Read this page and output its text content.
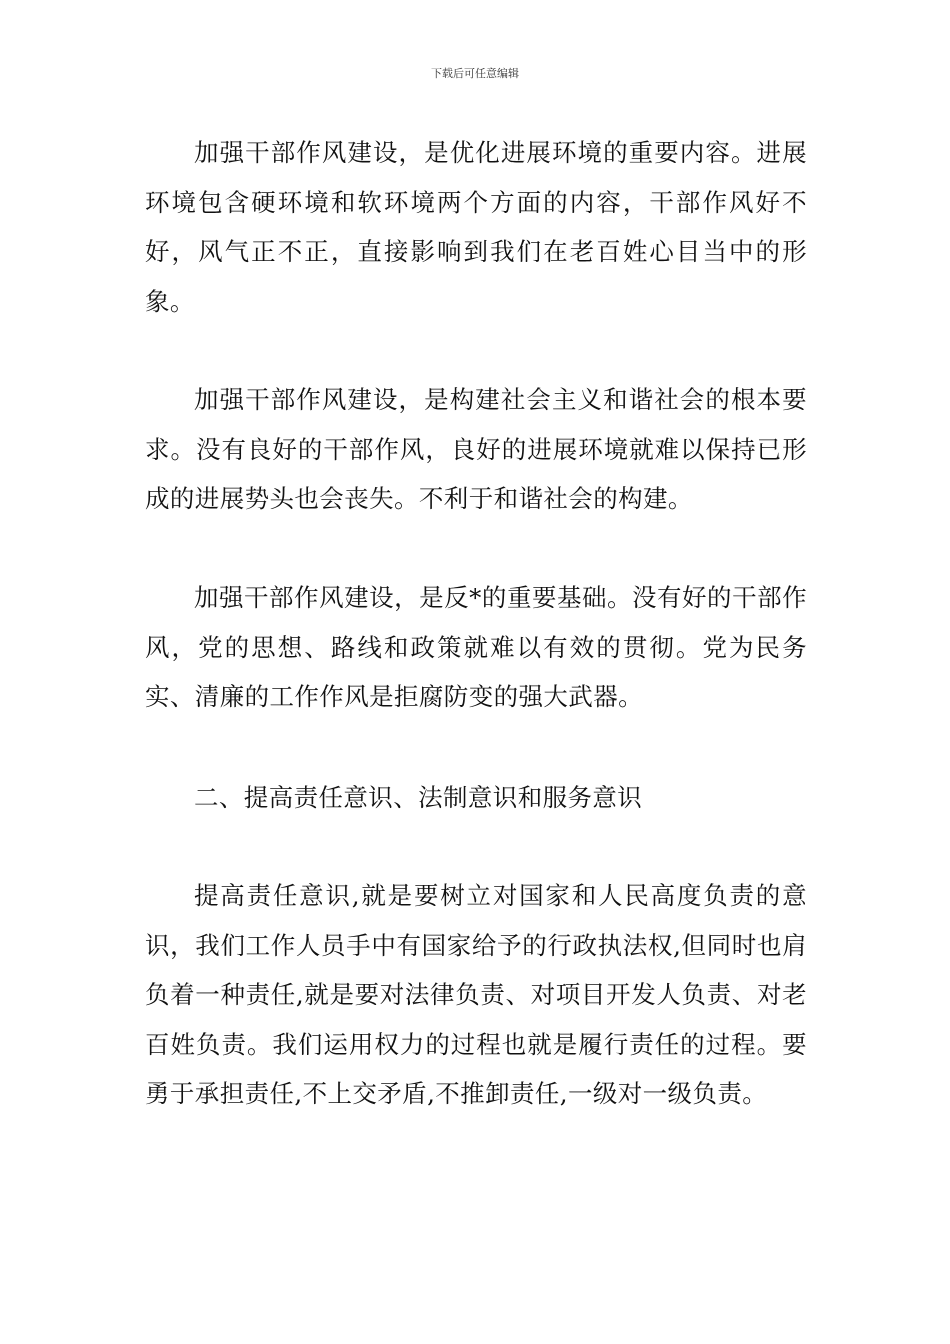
下载后可任意编辑

加强干部作风建设，是优化进展环境的重要内容。进展环境包含硬环境和软环境两个方面的内容，干部作风好不好，风气正不正，直接影响到我们在老百姓心目当中的形象。

加强干部作风建设，是构建社会主义和谐社会的根本要求。没有良好的干部作风，良好的进展环境就难以保持已形成的进展势头也会丧失。不利于和谐社会的构建。

加强干部作风建设，是反*的重要基础。没有好的干部作风，党的思想、路线和政策就难以有效的贯彻。党为民务实、清廉的工作作风是拒腐防变的强大武器。

二、提高责任意识、法制意识和服务意识

提高责任意识,就是要树立对国家和人民高度负责的意识，我们工作人员手中有国家给予的行政执法权,但同时也肩负着一种责任,就是要对法律负责、对项目开发人负责、对老百姓负责。我们运用权力的过程也就是履行责任的过程。要勇于承担责任,不上交矛盾,不推卸责任,一级对一级负责。
